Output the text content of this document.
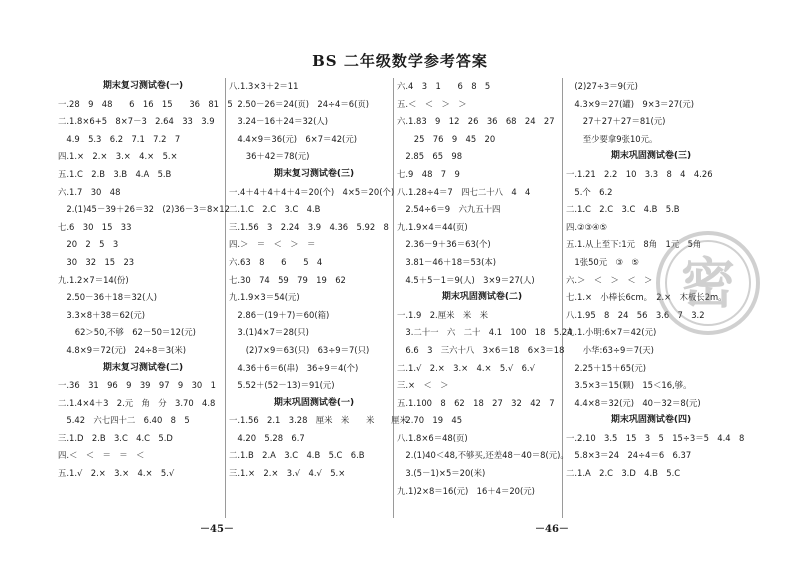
BS 二年级数学参考答案
期末复习测试卷(一)
一.28　9　48　　6　16　15　　36　81　5
二.1.8×6+5　8×7－3　2.64　33　3.9
　4.9　5.3　6.2　7.1　7.2　7
四.1.×　2.×　3.×　4.×　5.×
五.1.C　2.B　3.B　4.A　5.B
六.1.7　30　48
　2.(1)45－39＋26＝32　(2)36－3＝8×12
七.6　30　15　33
　20　2　5　3
　30　32　15　23
九.1.2×7＝14(份)
　2.50－36＋18＝32(人)
　3.3×8＋38＝62(元)
　　62＞50,不够　62－50＝12(元)
　4.8×9＝72(元)　24÷8＝3(米)
期末复习测试卷(二)
一.36　31　96　9　39　97　9　30　1
二.1.4×4＋3　2.元　角　分　3.70　4.8
　5.42　六七四十二　6.40　8　5
三.1.D　2.B　3.C　4.C　5.D
四.＜　＜　＝　＝　＜
五.1.√　2.×　3.×　4.×　5.√
八.1.3×3＋2＝11
　2.50－26＝24(页)　24÷4＝6(页)
　3.24－16＋24＝32(人)
　4.4×9＝36(元)　6×7＝42(元)
　　36＋42＝78(元)
期末复习测试卷(三)
一.4＋4＋4＋4＋4＝20(个)　4×5＝20(个)
二.1.C　2.C　3.C　4.B
三.1.56　3　2.24　3.9　4.36　5.92　8
四.＞　＝　＜　＞　＝
六.63　8　　6　　5　4
七.30　74　59　79　19　62
九.1.9×3＝54(元)
　2.86－(19＋7)＝60(箱)
　3.(1)4×7＝28(只)
　　(2)7×9＝63(只)　63÷9＝7(只)
　4.36＋6＝6(串)　36÷9＝4(个)
　5.52＋(52－13)＝91(元)
期末巩固测试卷(一)
一.1.56　2.1　3.28　厘米　米　　米　　厘米
　4.20　5.28　6.7
二.1.B　2.A　3.C　4.B　5.C　6.B
三.1.×　2.×　3.√　4.√　5.×
六.4　3　1　　6　8　5
五.＜　＜　＞　＞
六.1.83　9　12　26　36　68　24　27
　　25　76　9　45　20
　2.85　65　98
七.9　48　7　9
八.1.28÷4＝7　四七二十八　4　4
　2.54÷6＝9　六九五十四
九.1.9×4＝44(页)
　2.36－9＋36＝63(个)
　3.81－46＋18＝53(本)
　4.5＋5－1＝9(人)　3×9＝27(人)
期末巩固测试卷(二)
一.1.9　2.厘米　米　米
　3.二十一　六　二十　4.1　100　18　5.24
　6.6　3　三六十八　3×6＝18　6×3＝18
二.1.√　2.×　3.×　4.×　5.√　6.√
三.×　＜　＞
五.1.100　8　62　18　27　32　42　7
　2.70　19　45
八.1.8×6＝48(页)
　2.(1)40＜48,不够买,还差48－40＝8(元)。
　3.(5－1)×5＝20(米)
九.1)2×8＝16(元)　16＋4＝20(元)
　(2)27÷3＝9(元)
　4.3×9＝27(罐)　9×3＝27(元)
　　27＋27＋27＝81(元)
　　至少要拿9张10元。
期末巩固测试卷(三)
一.1.21　2.2　10　3.3　8　4　4.26
　5.个　6.2
二.1.C　2.C　3.C　4.B　5.B
四.②③④⑤
五.1.从上至下:1元　8角　1元　5角
　1张50元　③　⑤
六.＞　＜　＞　＜　＞
七.1.×　小棒长6cm。　2.×　木板长2m。
八.1.95　8　24　56　3.6　7　3.2
九.1.小明:6×7＝42(元)
　　小华:63÷9＝7(天)
　2.25＋15＋65(元)
　3.5×3＝15(颗)　15＜16,够。
　4.4×8＝32(元)　40－32＝8(元)
期末巩固测试卷(四)
一.2.10　3.5　15　3　5　15÷3＝5　4.4　8
　5.8×3＝24　24÷4＝6　6.37
二.1.A　2.C　3.D　4.B　5.C
－45－	－46－
密
